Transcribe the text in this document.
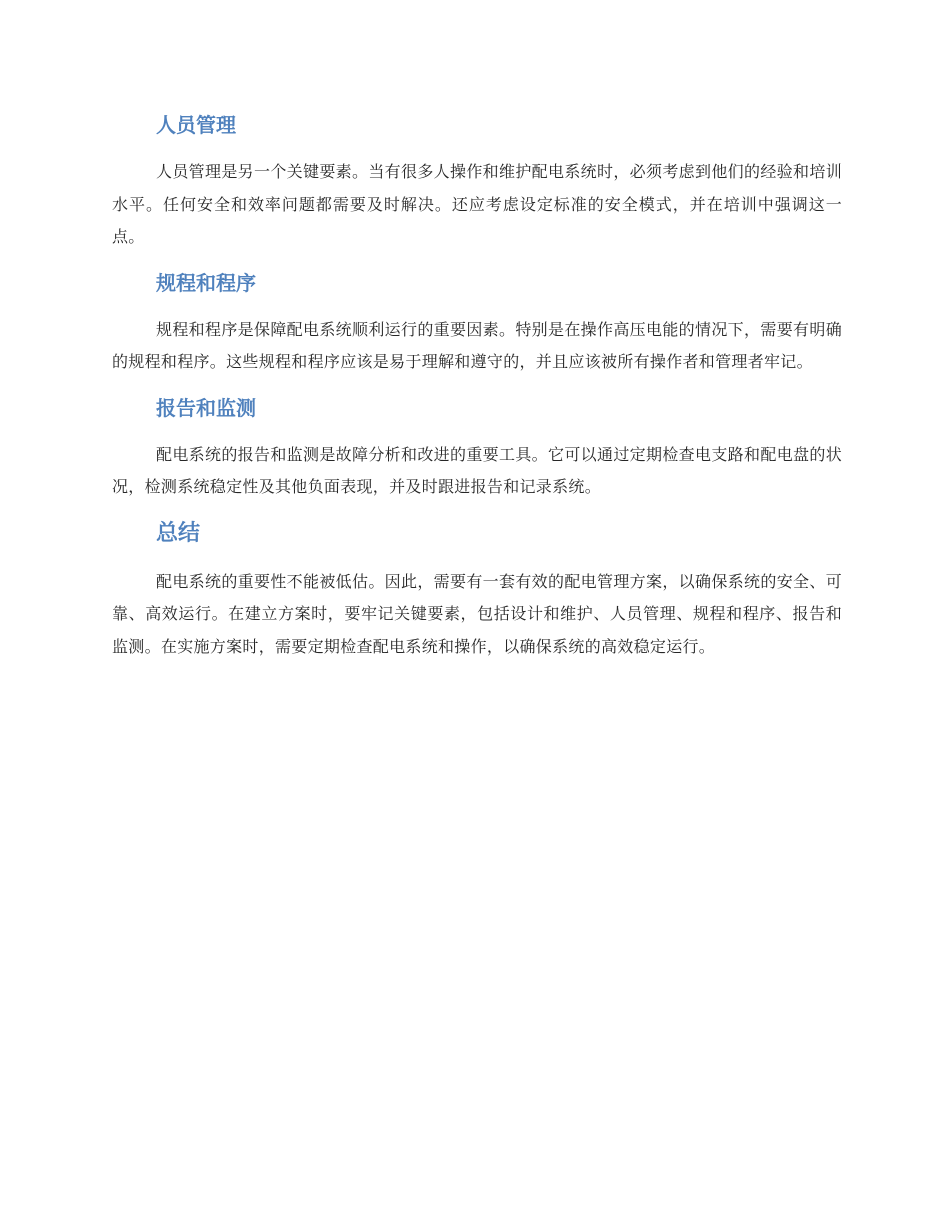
人员管理

人员管理是另一个关键要素。当有很多人操作和维护配电系统时，必须考虑到他们的经验和培训水平。任何安全和效率问题都需要及时解决。还应考虑设定标准的安全模式，并在培训中强调这一点。

规程和程序

规程和程序是保障配电系统顺利运行的重要因素。特别是在操作高压电能的情况下，需要有明确的规程和程序。这些规程和程序应该是易于理解和遵守的，并且应该被所有操作者和管理者牢记。

报告和监测

配电系统的报告和监测是故障分析和改进的重要工具。它可以通过定期检查电支路和配电盘的状况，检测系统稳定性及其他负面表现，并及时跟进报告和记录系统。

总结

配电系统的重要性不能被低估。因此，需要有一套有效的配电管理方案，以确保系统的安全、可靠、高效运行。在建立方案时，要牢记关键要素，包括设计和维护、人员管理、规程和程序、报告和监测。在实施方案时，需要定期检查配电系统和操作，以确保系统的高效稳定运行。
